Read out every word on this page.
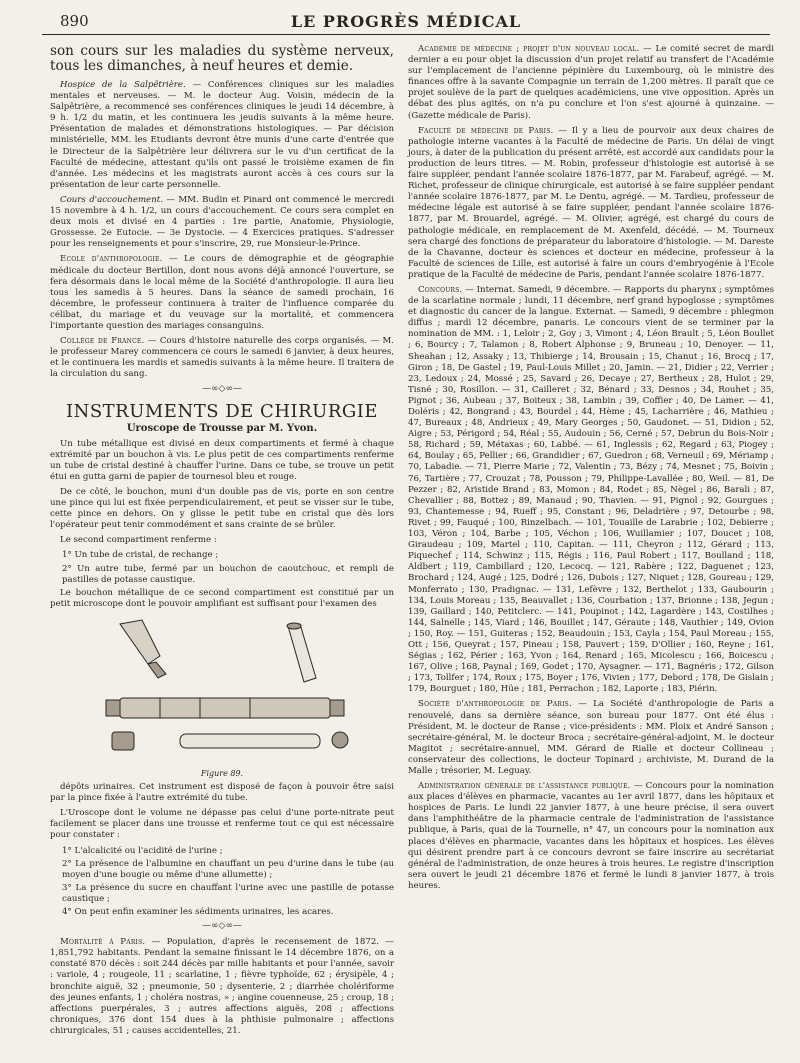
890	LE PROGRÈS MÉDICAL

son cours sur les maladies du système nerveux, tous les dimanches, à neuf heures et demie.

Hospice de la Salpêtrière. — Conférences cliniques sur les maladies mentales et nerveuses. — M. le docteur Aug. Voisin, médecin de la Salpêtrière, a recommencé ses conférences cliniques le jeudi 14 décembre, à 9 h. 1/2 du matin, et les continuera les jeudis suivants à la même heure. Présentation de malades et démonstrations histologiques. — Par décision ministérielle, MM. les Etudiants devront être munis d'une carte d'entrée que le Directeur de la Salpêtrière leur délivrera sur le vu d'un certificat de la Faculté de médecine, attestant qu'ils ont passé le troisième examen de fin d'année. Les médecins et les magistrats auront accès à ces cours sur la présentation de leur carte personnelle.

Cours d'accouchement. — MM. Budin et Pinard ont commencé le mercredi 15 novembre à 4 h. 1/2, un cours d'accouchement. Ce cours sera complet en deux mois et divisé en 4 parties : 1re partie, Anatomie, Physiologie, Grossesse. 2e Eutocie. — 3e Dystocie. — 4 Exercices pratiques. S'adresser pour les renseignements et pour s'inscrire, 29, rue Monsieur-le-Prince.

Ecole d'anthropologie. — Le cours de démographie et de géographie médicale du docteur Bertillon, dont nous avons déjà annoncé l'ouverture, se fera désormais dans le local même de la Société d'anthropologie. Il aura lieu tous les samedis à 5 heures. Dans la séance de samedi prochain, 16 décembre, le professeur continuera à traiter de l'influence comparée du célibat, du mariage et du veuvage sur la mortalité, et commencera l'importante question des mariages consanguins.

Collège de France. — Cours d'histoire naturelle des corps organisés. — M. le professeur Marey commencera ce cours le samedi 6 janvier, à deux heures, et le continuera les mardis et samedis suivants à la même heure. Il traitera de la circulation du sang.

—∞◇∞—
INSTRUMENTS DE CHIRURGIE

Uroscope de Trousse par M. Yvon.

Un tube métallique est divisé en deux compartiments et fermé à chaque extrémité par un bouchon à vis. Le plus petit de ces compartiments renferme un tube de cristal destiné à chauffer l'urine. Dans ce tube, se trouve un petit étui en gutta garni de papier de tournesol bleu et rouge.

De ce côté, le bouchon, muni d'un double pas de vis, porte en son centre une pince qui lui est fixée perpendiculairement, et peut se visser sur le tube, cette pince en dehors. On y glisse le petit tube en cristal que dès lors l'opérateur peut tenir commodément et sans crainte de se brûler.

Le second compartiment renferme :

1° Un tube de cristal, de rechange ;

2° Un autre tube, fermé par un bouchon de caoutchouc, et rempli de pastilles de potasse caustique.

Le bouchon métallique de ce second compartiment est constitué par un petit microscope dont le pouvoir amplifiant est suffisant pour l'examen des

Figure 89.

dépôts urinaires. Cet instrument est disposé de façon à pouvoir être saisi par la pince fixée à l'autre extrémité du tube.

L'Uroscope dont le volume ne dépasse pas celui d'une porte-nitrate peut facilement se placer dans une trousse et renferme tout ce qui est nécessaire pour constater :

1° L'alcalicité ou l'acidité de l'urine ;

2° La présence de l'albumine en chauffant un peu d'urine dans le tube (au moyen d'une bougie ou même d'une allumette) ;

3° La présence du sucre en chauffant l'urine avec une pastille de potasse caustique ;

4° On peut enfin examiner les sédiments urinaires, les acares.

—∞◇∞—

Mortalité à Paris. — Population, d'après le recensement de 1872. — 1,851,792 habitants. Pendant la semaine finissant le 14 décembre 1876, on a constaté 870 décès : soit 244 décès par mille habitants et pour l'année, savoir : variole, 4 ; rougeole, 11 ; scarlatine, 1 ; fièvre typhoïde, 62 ; érysipèle, 4 ; bronchite aiguë, 32 ; pneumonie, 50 ; dysenterie, 2 ; diarrhée cholériforme des jeunes enfants, 1 ; choléra nostras, » ; angine couenneuse, 25 ; croup, 18 ; affections puerpérales, 3 ; autres affections aiguës, 208 ; affections chroniques, 376 dont 154 dues à la phthisie pulmonaire ; affections chirurgicales, 51 ; causes accidentelles, 21.

Académie de médecine ; projet d'un nouveau local. — Le comité secret de mardi dernier a eu pour objet la discussion d'un projet relatif au transfert de l'Académie sur l'emplacement de l'ancienne pépinière du Luxembourg, où le ministre des finances offre à la savante Compagnie un terrain de 1,200 mètres. Il paraît que ce projet soulève de la part de quelques académiciens, une vive opposition. Après un débat des plus agités, on n'a pu conclure et l'on s'est ajourné à quinzaine. — (Gazette médicale de Paris).

Faculté de médecine de Paris. — Il y a lieu de pourvoir aux deux chaires de pathologie interne vacantes à la Faculté de médecine de Paris. Un délai de vingt jours, à dater de la publication du présent arrêté, est accordé aux candidats pour la production de leurs titres. — M. Robin, professeur d'histologie est autorisé à se faire suppléer, pendant l'année scolaire 1876-1877, par M. Farabeuf, agrégé. — M. Richet, professeur de clinique chirurgicale, est autorisé à se faire suppléer pendant l'année scolaire 1876-1877, par M. Le Dentu, agrégé. — M. Tardieu, professeur de médecine légale est autorisé à se faire suppléer, pendant l'année scolaire 1876-1877, par M. Brouardel, agrégé. — M. Olivier, agrégé, est chargé du cours de pathologie médicale, en remplacement de M. Axenfeld, décédé. — M. Tourneux sera chargé des fonctions de préparateur du laboratoire d'histologie. — M. Dareste de la Chavanne, docteur ès sciences et docteur en médecine, professeur à la Faculté de sciences de Lille, est autorisé à faire un cours d'embryogénie à l'Ecole pratique de la Faculté de médecine de Paris, pendant l'année scolaire 1876-1877.

Concours. — Internat. Samedi, 9 décembre. — Rapports du pharynx ; symptômes de la scarlatine normale ; lundi, 11 décembre, nerf grand hypoglosse ; symptômes et diagnostic du cancer de la langue. Externat. — Samedi, 9 décembre : phlegmon diffus ; mardi 12 décembre, panaris. Le concours vient de se terminer par la nomination de MM. : 1, Leloir ; 2, Goy ; 3, Vimont ; 4, Léon Brault ; 5, Léon Boullet ; 6, Bourcy ; 7, Talamon ; 8, Robert Alphonse ; 9, Bruneau ; 10, Denoyer. — 11, Sheahan ; 12, Assaky ; 13, Thibierge ; 14, Brousain ; 15, Chanut ; 16, Brocq ; 17, Giron ; 18, De Gastel ; 19, Paul-Louis Millet ; 20, Jamin. — 21, Didier ; 22, Verrier ; 23, Ledoux ; 24, Mossé ; 25, Savard ; 26, Decaye ; 27, Bertheux ; 28, Hulot ; 29, Tisné ; 30, Rosillon. — 31, Cailleret ; 32, Bénard ; 33, Desnos ; 34, Rouhet ; 35, Pignot ; 36, Aubeau ; 37, Boiteux ; 38, Lambin ; 39, Coffier ; 40, De Lamer. — 41, Doléris ; 42, Bongrand ; 43, Bourdel ; 44, Hème ; 45, Lacharrière ; 46, Mathieu ; 47, Bureaux ; 48, Andrieux ; 49, Mary Georges ; 50, Gaudonet. — 51, Didion ; 52, Aigre ; 53, Périgord ; 54, Réal ; 55, Audouin ; 56, Cerné ; 57, Debrun du Bois-Noir ; 58, Richard ; 59, Métaxas ; 60, Labbé. — 61, Inglessis ; 62, Regard ; 63, Piogey ; 64, Boulay ; 65, Pellier ; 66, Grandidier ; 67, Guedron ; 68, Verneuil ; 69, Mériamp ; 70, Labadie. — 71, Pierre Marie ; 72, Valentin ; 73, Bézy ; 74, Mesnet ; 75, Boivin ; 76, Tartière ; 77, Crouzat ; 78, Pousson ; 79, Philippe-Lavallée ; 80, Weil. — 81, De Pezzer ; 82, Aristide Brand ; 83, Momon ; 84, Rodet ; 85, Nègel ; 86, Barali ; 87, Chevallier ; 88, Bottez ; 89, Manaud ; 90, Thavien. — 91, Pignol ; 92, Gourgues ; 93, Chantemesse ; 94, Rueff ; 95, Constant ; 96, Deladrière ; 97, Detourbe ; 98, Rivet ; 99, Fauqué ; 100, Rinzelbach. — 101, Touaille de Larabrie ; 102, Debierre ; 103, Véron ; 104, Barbe ; 105, Véchon ; 106, Wuillamier ; 107, Doucet ; 108, Giraudeau ; 109, Martel ; 110, Capitan. — 111, Cheyron ; 112, Gérard ; 113, Piquechef ; 114, Schwinz ; 115, Régis ; 116, Paul Robert ; 117, Boulland ; 118, Aldbert ; 119, Cambillard ; 120, Lecocq. — 121, Rabère ; 122, Daguenet ; 123, Brochard ; 124, Augé ; 125, Dodré ; 126, Dubois ; 127, Niquet ; 128, Goureau ; 129, Monferrato ; 130, Pradignac. — 131, Lefèvre ; 132, Berthelot ; 133, Gaubourin ; 134, Louis Moreau ; 135, Beauvallet ; 136, Courbation ; 137, Brionne ; 138, Jegun ; 139, Gaillard ; 140, Petitclerc. — 141, Poupinot ; 142, Lagardère ; 143, Costilhes ; 144, Salnelle ; 145, Viard ; 146, Bouillet ; 147, Géraute ; 148, Vauthier ; 149, Ovion ; 150, Roy. — 151, Guiteras ; 152, Beaudouin ; 153, Cayla ; 154, Paul Moreau ; 155, Ott ; 156, Queyrat ; 157, Pineau ; 158, Pauvert ; 159, D'Ollier ; 160, Reyne ; 161, Ségias ; 162, Périer ; 163, Yvon ; 164, Renard ; 165, Micolescu ; 166, Boicescu ; 167, Olive ; 168, Paynal ; 169, Godet ; 170, Aysagner. — 171, Bagnéris ; 172, Gilson ; 173, Tollfer ; 174, Roux ; 175, Boyer ; 176, Vivien ; 177, Debord ; 178, De Gislain ; 179, Bourguet ; 180, Hüe ; 181, Perrachon ; 182, Laporte ; 183, Piérin.

Société d'anthropologie de Paris. — La Société d'anthropologie de Paris a renouvelé, dans sa dernière séance, son bureau pour 1877. Ont été élus : Président, M. le docteur de Ranse ; vice-présidents : MM. Ploix et André Sanson ; secrétaire-général, M. le docteur Broca ; secrétaire-général-adjoint, M. le docteur Magitot ; secrétaire-annuel, MM. Gérard de Rialle et docteur Collineau ; conservateur des collections, le docteur Topinard ; archiviste, M. Durand de la Malle ; trésorier, M. Leguay.

Administration générale de l'assistance publique. — Concours pour la nomination aux places d'élèves en pharmacie, vacantes au 1er avril 1877, dans les hôpitaux et hospices de Paris. Le lundi 22 janvier 1877, à une heure précise, il sera ouvert dans l'amphithéâtre de la pharmacie centrale de l'administration de l'assistance publique, à Paris, quai de la Tournelle, n° 47, un concours pour la nomination aux places d'élèves en pharmacie, vacantes dans les hôpitaux et hospices. Les élèves qui désirent prendre part à ce concours devront se faire inscrire au secrétariat général de l'administration, de onze heures à trois heures. Le registre d'inscription sera ouvert le jeudi 21 décembre 1876 et fermé le lundi 8 janvier 1877, à trois heures.
